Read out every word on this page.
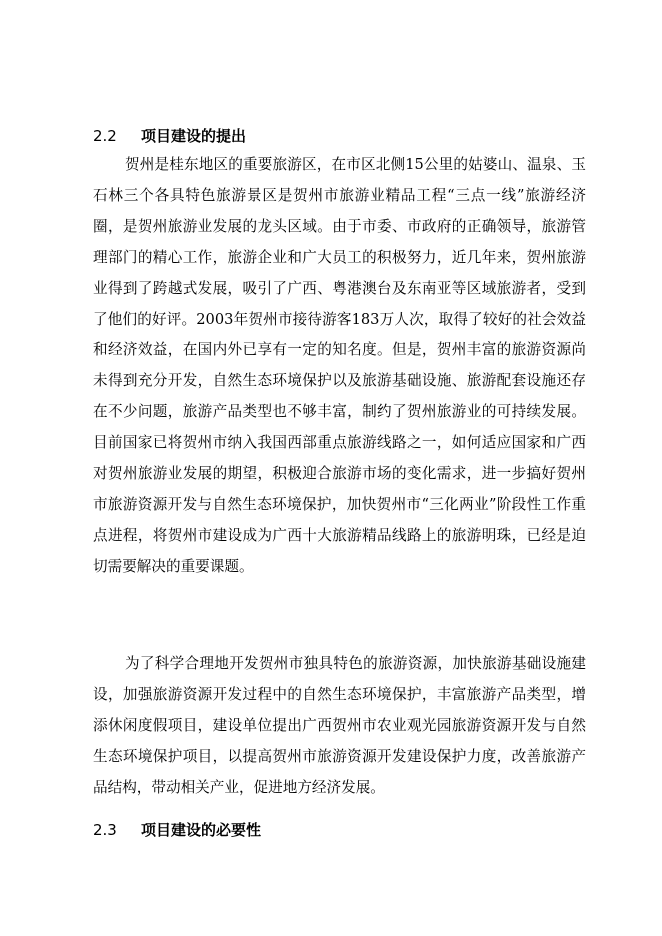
2.2 项目建设的提出

贺州是桂东地区的重要旅游区，在市区北侧15公里的姑婆山、温泉、玉石林三个各具特色旅游景区是贺州市旅游业精品工程“三点一线”旅游经济圈，是贺州旅游业发展的龙头区域。由于市委、市政府的正确领导，旅游管理部门的精心工作，旅游企业和广大员工的积极努力，近几年来，贺州旅游业得到了跨越式发展，吸引了广西、粤港澳台及东南亚等区域旅游者，受到了他们的好评。2003年贺州市接待游客183万人次，取得了较好的社会效益和经济效益，在国内外已享有一定的知名度。但是，贺州丰富的旅游资源尚未得到充分开发，自然生态环境保护以及旅游基础设施、旅游配套设施还存在不少问题，旅游产品类型也不够丰富，制约了贺州旅游业的可持续发展。目前国家已将贺州市纳入我国西部重点旅游线路之一，如何适应国家和广西对贺州旅游业发展的期望，积极迎合旅游市场的变化需求，进一步搞好贺州市旅游资源开发与自然生态环境保护，加快贺州市“三化两业”阶段性工作重点进程，将贺州市建设成为广西十大旅游精品线路上的旅游明珠，已经是迫切需要解决的重要课题。

为了科学合理地开发贺州市独具特色的旅游资源，加快旅游基础设施建设，加强旅游资源开发过程中的自然生态环境保护，丰富旅游产品类型，增添休闲度假项目，建设单位提出广西贺州市农业观光园旅游资源开发与自然生态环境保护项目，以提高贺州市旅游资源开发建设保护力度，改善旅游产品结构，带动相关产业，促进地方经济发展。

2.3 项目建设的必要性
